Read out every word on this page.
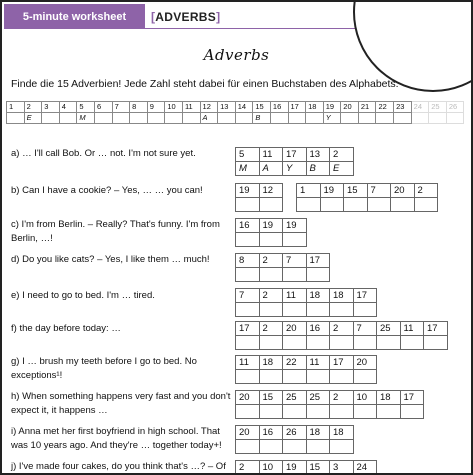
5-minute worksheet	[ ADVERBS ]
Adverbs
Finde die 15 Adverbien! Jede Zahl steht dabei für einen Buchstaben des Alphabets.
1	2	3	4	5	6	7	8	9	10	11	12	13	14	15	16	17	18	19	20	21	22	23	24	25	26
	E			M							A			B				Y							
a) … I'll call Bob. Or … not. I'm not sure yet.	5	11	17	13	2
M	A	Y	B	E
b) Can I have a cookie? – Yes, … … you can!	19	12		1	19	15	7	20	2

c) I'm from Berlin. – Really? That's funny. I'm from Berlin, …!
16	19	19

d) Do you like cats? – Yes, I like them … much!	8	2	7	17

e) I need to go to bed. I'm … tired.	7	2	11	18	18	17

f) the day before today: …	17	2	20	16	2	7	25	11	17

g) I … brush my teeth before I go to bed. No exceptions¹!
11	18	22	11	17	20

h) When something happens very fast and you don't expect it, it happens …
20	15	25	25	2	10	18	17

i) Anna met her first boyfriend in high school. That was 10 years ago. And they're … together today+!
20	16	26	18	18

j) I've made four cakes, do you think that's …? – Of	2	10	19	15	3	24
